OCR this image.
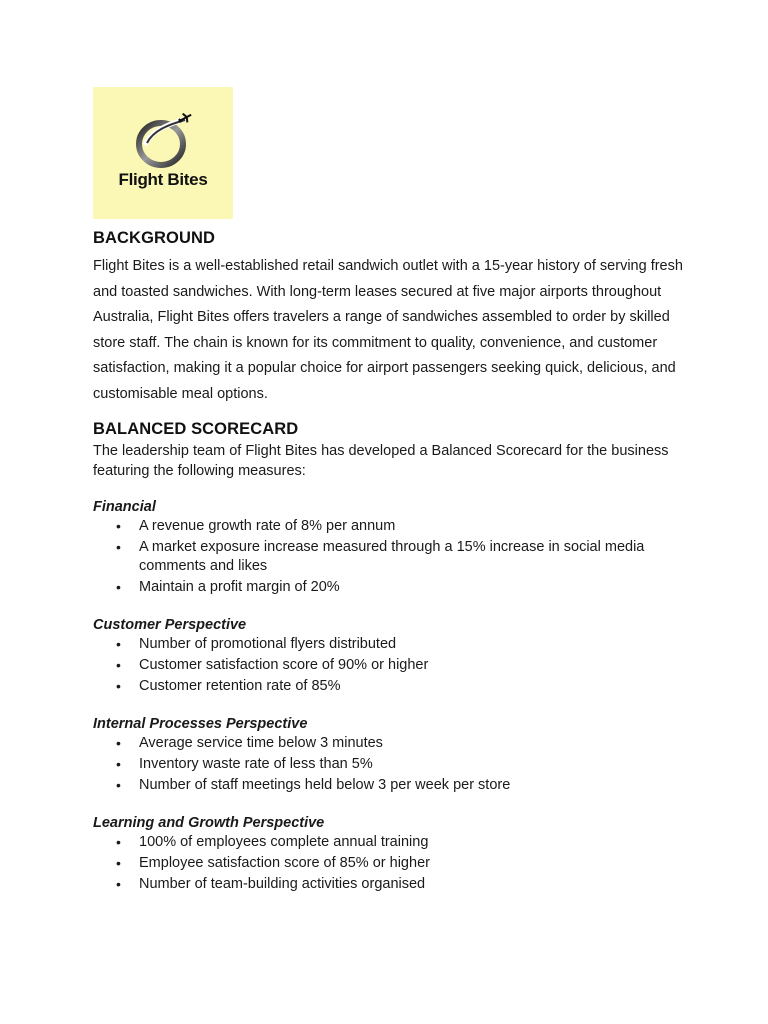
Flight Bites
BACKGROUND

Flight Bites is a well-established retail sandwich outlet with a 15-year history of serving fresh and toasted sandwiches. With long-term leases secured at five major airports throughout Australia, Flight Bites offers travelers a range of sandwiches assembled to order by skilled store staff. The chain is known for its commitment to quality, convenience, and customer satisfaction, making it a popular choice for airport passengers seeking quick, delicious, and customisable meal options.

BALANCED SCORECARD

The leadership team of Flight Bites has developed a Balanced Scorecard for the business featuring the following measures:

Financial

• A revenue growth rate of 8% per annum
• A market exposure increase measured through a 15% increase in social media comments and likes
• Maintain a profit margin of 20%

Customer Perspective

• Number of promotional flyers distributed
• Customer satisfaction score of 90% or higher
• Customer retention rate of 85%

Internal Processes Perspective

• Average service time below 3 minutes
• Inventory waste rate of less than 5%
• Number of staff meetings held below 3 per week per store

Learning and Growth Perspective

• 100% of employees complete annual training
• Employee satisfaction score of 85% or higher
• Number of team-building activities organised
